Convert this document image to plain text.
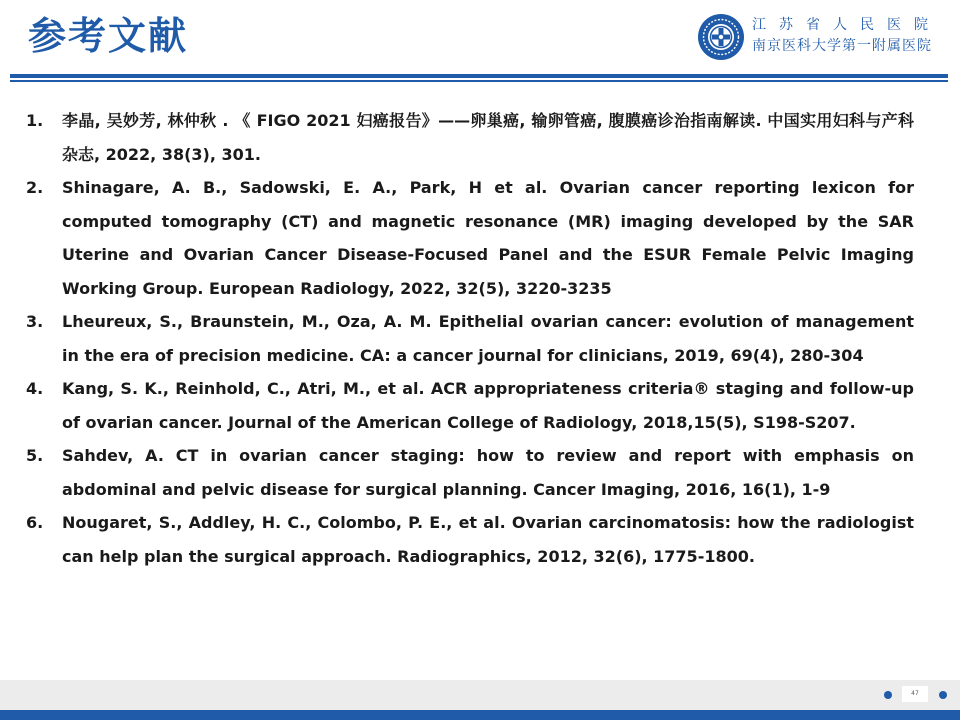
参考文献	江苏省人民医院
南京医科大学第一附属医院
1. 李晶, 吴妙芳, 林仲秋 . 《 FIGO 2021 妇癌报告》——卵巢癌, 输卵管癌, 腹膜癌诊治指南解读. 中国实用妇科与产科杂志, 2022, 38(3), 301.
2. Shinagare, A. B., Sadowski, E. A., Park, H et al. Ovarian cancer reporting lexicon for computed tomography (CT) and magnetic resonance (MR) imaging developed by the SAR Uterine and Ovarian Cancer Disease-Focused Panel and the ESUR Female Pelvic Imaging Working Group. European Radiology, 2022, 32(5), 3220-3235
3. Lheureux, S., Braunstein, M., Oza, A. M. Epithelial ovarian cancer: evolution of management in the era of precision medicine. CA: a cancer journal for clinicians, 2019, 69(4), 280-304
4. Kang, S. K., Reinhold, C., Atri, M., et al. ACR appropriateness criteria® staging and follow-up of ovarian cancer. Journal of the American College of Radiology, 2018,15(5), S198-S207.
5. Sahdev, A. CT in ovarian cancer staging: how to review and report with emphasis on abdominal and pelvic disease for surgical planning. Cancer Imaging, 2016, 16(1), 1-9
6. Nougaret, S., Addley, H. C., Colombo, P. E., et al. Ovarian carcinomatosis: how the radiologist can help plan the surgical approach. Radiographics, 2012, 32(6), 1775-1800.
47
